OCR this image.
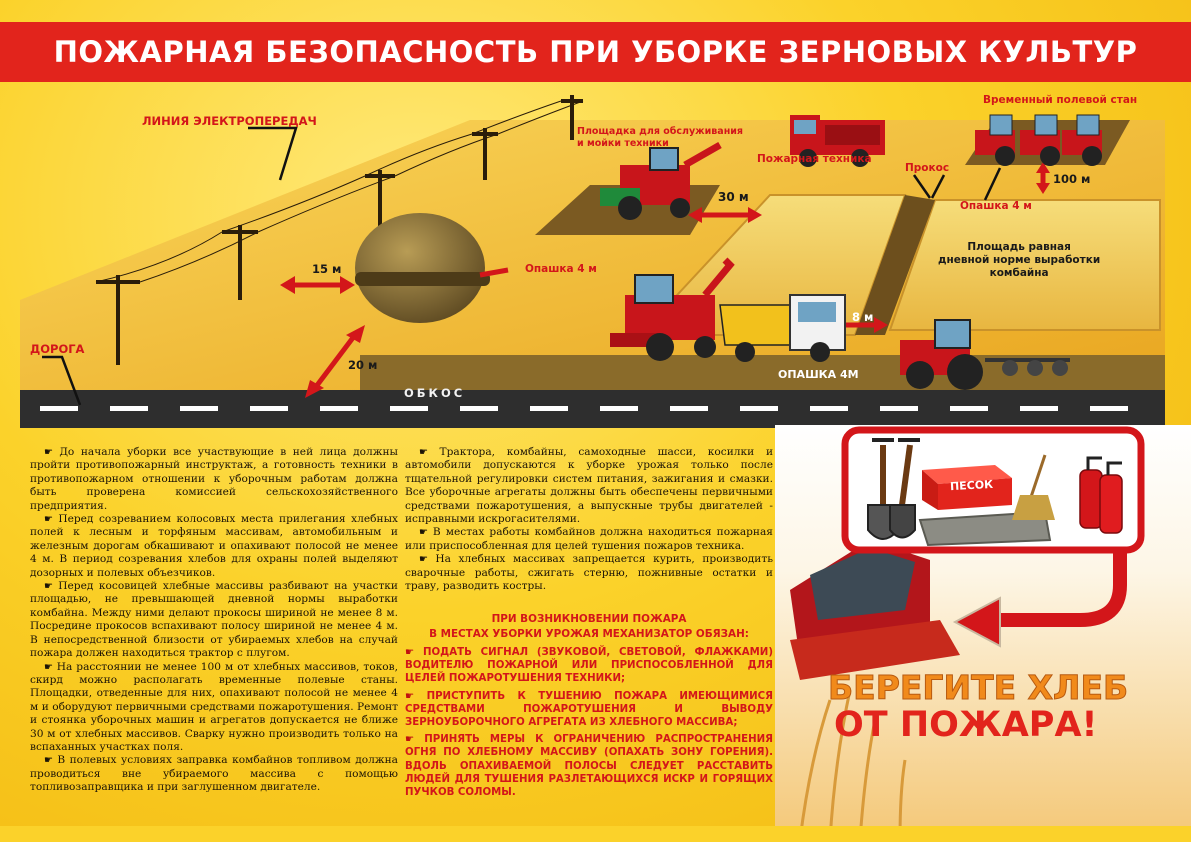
ПОЖАРНАЯ БЕЗОПАСНОСТЬ ПРИ УБОРКЕ ЗЕРНОВЫХ КУЛЬТУР
ЛИНИЯ ЭЛЕКТРОПЕРЕДАЧ
ДОРОГА
15 м
20 м
Опашка 4 м
Площадка для обслуживания
и мойки техники
Пожарная техника
Временный полевой стан
30 м
Прокос
Опашка 4 м
100 м
Площадь равная
дневной норме выработки
комбайна
8 м
ОПАШКА 4М
ОБКОС

☛ До начала уборки все участвующие в ней лица должны пройти противопожарный инструктаж, а готовность техники в противопожарном отношении к уборочным работам должна быть проверена комиссией сельскохозяйственного предприятия.

☛ Перед созреванием колосовых места прилегания хлебных полей к лесным и торфяным массивам, автомобильным и железным дорогам обкашивают и опахивают полосой не менее 4 м. В период созревания хлебов для охраны полей выделяют дозорных и полевых объезчиков.

☛ Перед косовицей хлебные массивы разбивают на участки площадью, не превышающей дневной нормы выработки комбайна. Между ними делают прокосы шириной не менее 8 м. Посредине прокосов вспахивают полосу шириной не менее 4 м. В непосредственной близости от убираемых хлебов на случай пожара должен находиться трактор с плугом.

☛ На расстоянии не менее 100 м от хлебных массивов, токов, скирд можно располагать временные полевые станы. Площадки, отведенные для них, опахивают полосой не менее 4 м и оборудуют первичными средствами пожаротушения. Ремонт и стоянка уборочных машин и агрегатов допускается не ближе 30 м от хлебных массивов. Сварку нужно производить только на вспаханных участках поля.

☛ В полевых условиях заправка комбайнов топливом должна проводиться вне убираемого массива с помощью топливозаправщика и при заглушенном двигателе.

☛ Трактора, комбайны, самоходные шасси, косилки и автомобили допускаются к уборке урожая только после тщательной регулировки систем питания, зажигания и смазки. Все уборочные агрегаты должны быть обеспечены первичными средствами пожаротушения, а выпускные трубы двигателей - исправными искрогасителями.

☛ В местах работы комбайнов должна находиться пожарная или приспособленная для целей тушения пожаров техника.

☛ На хлебных массивах запрещается курить, производить сварочные работы, сжигать стерню, пожнивные остатки и траву, разводить костры.

ПРИ ВОЗНИКНОВЕНИИ ПОЖАРА
В МЕСТАХ УБОРКИ УРОЖАЯ МЕХАНИЗАТОР ОБЯЗАН:

☛ ПОДАТЬ СИГНАЛ (ЗВУКОВОЙ, СВЕТОВОЙ, ФЛАЖКАМИ) ВОДИТЕЛЮ ПОЖАРНОЙ ИЛИ ПРИСПОСОБЛЕННОЙ ДЛЯ ЦЕЛЕЙ ПОЖАРОТУШЕНИЯ ТЕХНИКИ;

☛ ПРИСТУПИТЬ К ТУШЕНИЮ ПОЖАРА ИМЕЮЩИМИСЯ СРЕДСТВАМИ ПОЖАРОТУШЕНИЯ И ВЫВОДУ ЗЕРНОУБОРОЧНОГО АГРЕГАТА ИЗ ХЛЕБНОГО МАССИВА;

☛ ПРИНЯТЬ МЕРЫ К ОГРАНИЧЕНИЮ РАСПРОСТРАНЕНИЯ ОГНЯ ПО ХЛЕБНОМУ МАССИВУ (ОПАХАТЬ ЗОНУ ГОРЕНИЯ). ВДОЛЬ ОПАХИВАЕМОЙ ПОЛОСЫ СЛЕДУЕТ РАССТАВИТЬ ЛЮДЕЙ ДЛЯ ТУШЕНИЯ РАЗЛЕТАЮЩИХСЯ ИСКР И ГОРЯЩИХ ПУЧКОВ СОЛОМЫ.

ПЕСОК
БЕРЕГИТЕ ХЛЕБ
ОТ ПОЖАРА!
